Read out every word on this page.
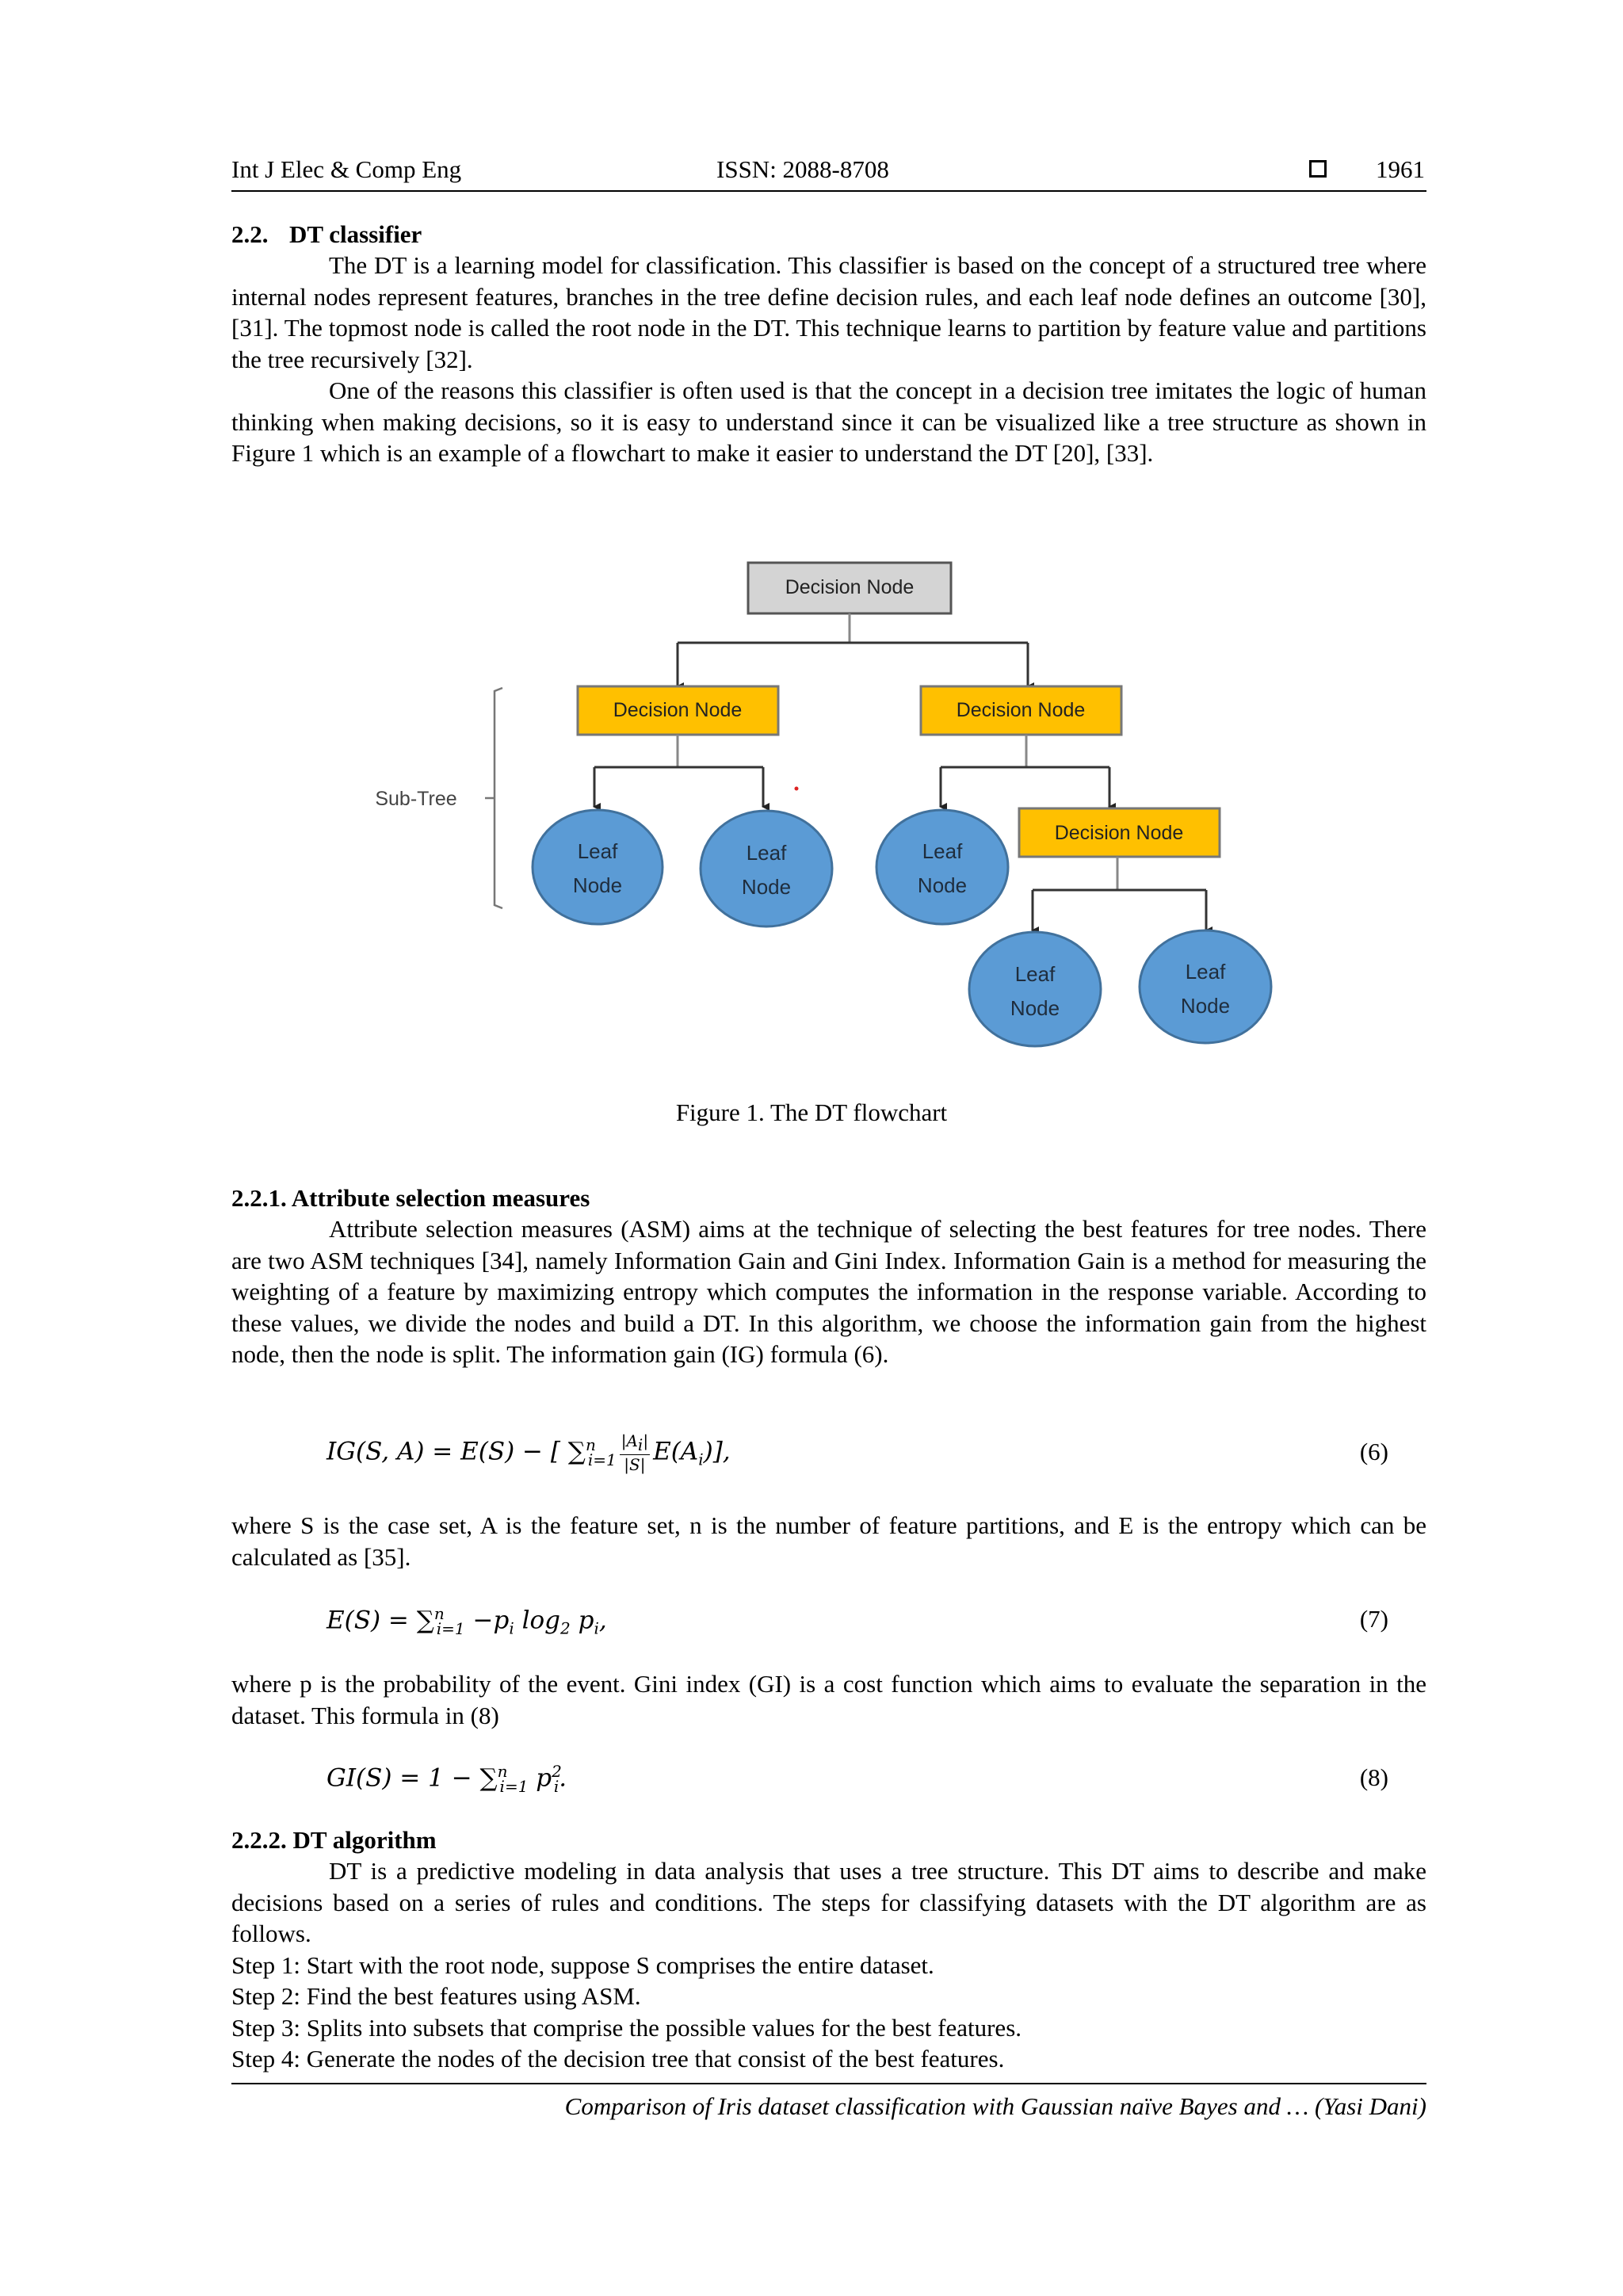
Int J Elec & Comp Eng	ISSN: 2088-8708	1961
2.2. DT classifier

The DT is a learning model for classification. This classifier is based on the concept of a structured tree where internal nodes represent features, branches in the tree define decision rules, and each leaf node defines an outcome [30], [31]. The topmost node is called the root node in the DT. This technique learns to partition by feature value and partitions the tree recursively [32].

One of the reasons this classifier is often used is that the concept in a decision tree imitates the logic of human thinking when making decisions, so it is easy to understand since it can be visualized like a tree structure as shown in Figure 1 which is an example of a flowchart to make it easier to understand the DT [20], [33].

Decision Node
Decision Node	Decision Node
Leaf
Node
Leaf
Node
Leaf
Node
Decision Node
Leaf
Node
Leaf
Node
Sub-Tree
Figure 1. The DT flowchart
2.2.1. Attribute selection measures

Attribute selection measures (ASM) aims at the technique of selecting the best features for tree nodes. There are two ASM techniques [34], namely Information Gain and Gini Index. Information Gain is a method for measuring the weighting of a feature by maximizing entropy which computes the information in the response variable. According to these values, we divide the nodes and build a DT. In this algorithm, we choose the information gain from the highest node, then the node is split. The information gain (IG) formula (6).

IG(S, A) = E(S) − [ $\sum^n_{i=1} \frac{|A_i|}{|S|} E(A_i)$],	(6)
where S is the case set, A is the feature set, n is the number of feature partitions, and E is the entropy which can be calculated as [35].
$E(S) = \sum^n_{i=1} -p_i$ $\log_2 p_i$,	(7)
where p is the probability of the event. Gini index (GI) is a cost function which aims to evaluate the separation in the dataset. This formula in (8)
GI(S) = 1 − ∑$^n_{i=1}$ $p^2_i$.	(8)
2.2.2. DT algorithm

DT is a predictive modeling in data analysis that uses a tree structure. This DT aims to describe and make decisions based on a series of rules and conditions. The steps for classifying datasets with the DT algorithm are as follows.

Step 1: Start with the root node, suppose S comprises the entire dataset.

Step 2: Find the best features using ASM.

Step 3: Splits into subsets that comprise the possible values for the best features.

Step 4: Generate the nodes of the decision tree that consist of the best features.

Comparison of Iris dataset classification with Gaussian naïve Bayes and … (Yasi Dani)
